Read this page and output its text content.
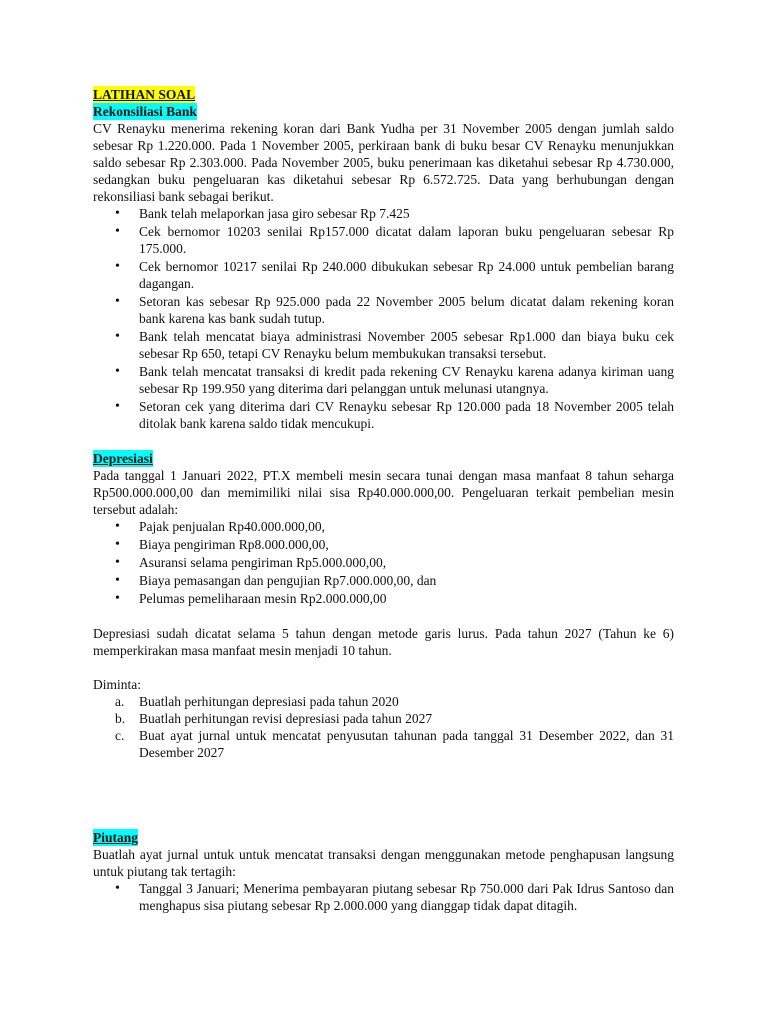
LATIHAN SOAL
Rekonsiliasi Bank

CV Renayku menerima rekening koran dari Bank Yudha per 31 November 2005 dengan jumlah saldo sebesar Rp 1.220.000. Pada 1 November 2005, perkiraan bank di buku besar CV Renayku menunjukkan saldo sebesar Rp 2.303.000. Pada November 2005, buku penerimaan kas diketahui sebesar Rp 4.730.000, sedangkan buku pengeluaran kas diketahui sebesar Rp 6.572.725. Data yang berhubungan dengan rekonsiliasi bank sebagai berikut.

• Bank telah melaporkan jasa giro sebesar Rp 7.425
• Cek bernomor 10203 senilai Rp157.000 dicatat dalam laporan buku pengeluaran sebesar Rp 175.000.
• Cek bernomor 10217 senilai Rp 240.000 dibukukan sebesar Rp 24.000 untuk pembelian barang dagangan.
• Setoran kas sebesar Rp 925.000 pada 22 November 2005 belum dicatat dalam rekening koran bank karena kas bank sudah tutup.
• Bank telah mencatat biaya administrasi November 2005 sebesar Rp1.000 dan biaya buku cek sebesar Rp 650, tetapi CV Renayku belum membukukan transaksi tersebut.
• Bank telah mencatat transaksi di kredit pada rekening CV Renayku karena adanya kiriman uang sebesar Rp 199.950 yang diterima dari pelanggan untuk melunasi utangnya.
• Setoran cek yang diterima dari CV Renayku sebesar Rp 120.000 pada 18 November 2005 telah ditolak bank karena saldo tidak mencukupi.
Depresiasi

Pada tanggal 1 Januari 2022, PT.X membeli mesin secara tunai dengan masa manfaat 8 tahun seharga Rp500.000.000,00 dan memimiliki nilai sisa Rp40.000.000,00. Pengeluaran terkait pembelian mesin tersebut adalah:

• Pajak penjualan Rp40.000.000,00,
• Biaya pengiriman Rp8.000.000,00,
• Asuransi selama pengiriman Rp5.000.000,00,
• Biaya pemasangan dan pengujian Rp7.000.000,00, dan
• Pelumas pemeliharaan mesin Rp2.000.000,00

Depresiasi sudah dicatat selama 5 tahun dengan metode garis lurus. Pada tahun 2027 (Tahun ke 6) memperkirakan masa manfaat mesin menjadi 10 tahun.

Diminta:

a. Buatlah perhitungan depresiasi pada tahun 2020
b. Buatlah perhitungan revisi depresiasi pada tahun 2027
c. Buat ayat jurnal untuk mencatat penyusutan tahunan pada tanggal 31 Desember 2022, dan 31 Desember 2027
Piutang

Buatlah ayat jurnal untuk untuk mencatat transaksi dengan menggunakan metode penghapusan langsung untuk piutang tak tertagih:

• Tanggal 3 Januari; Menerima pembayaran piutang sebesar Rp 750.000 dari Pak Idrus Santoso dan menghapus sisa piutang sebesar Rp 2.000.000 yang dianggap tidak dapat ditagih.
